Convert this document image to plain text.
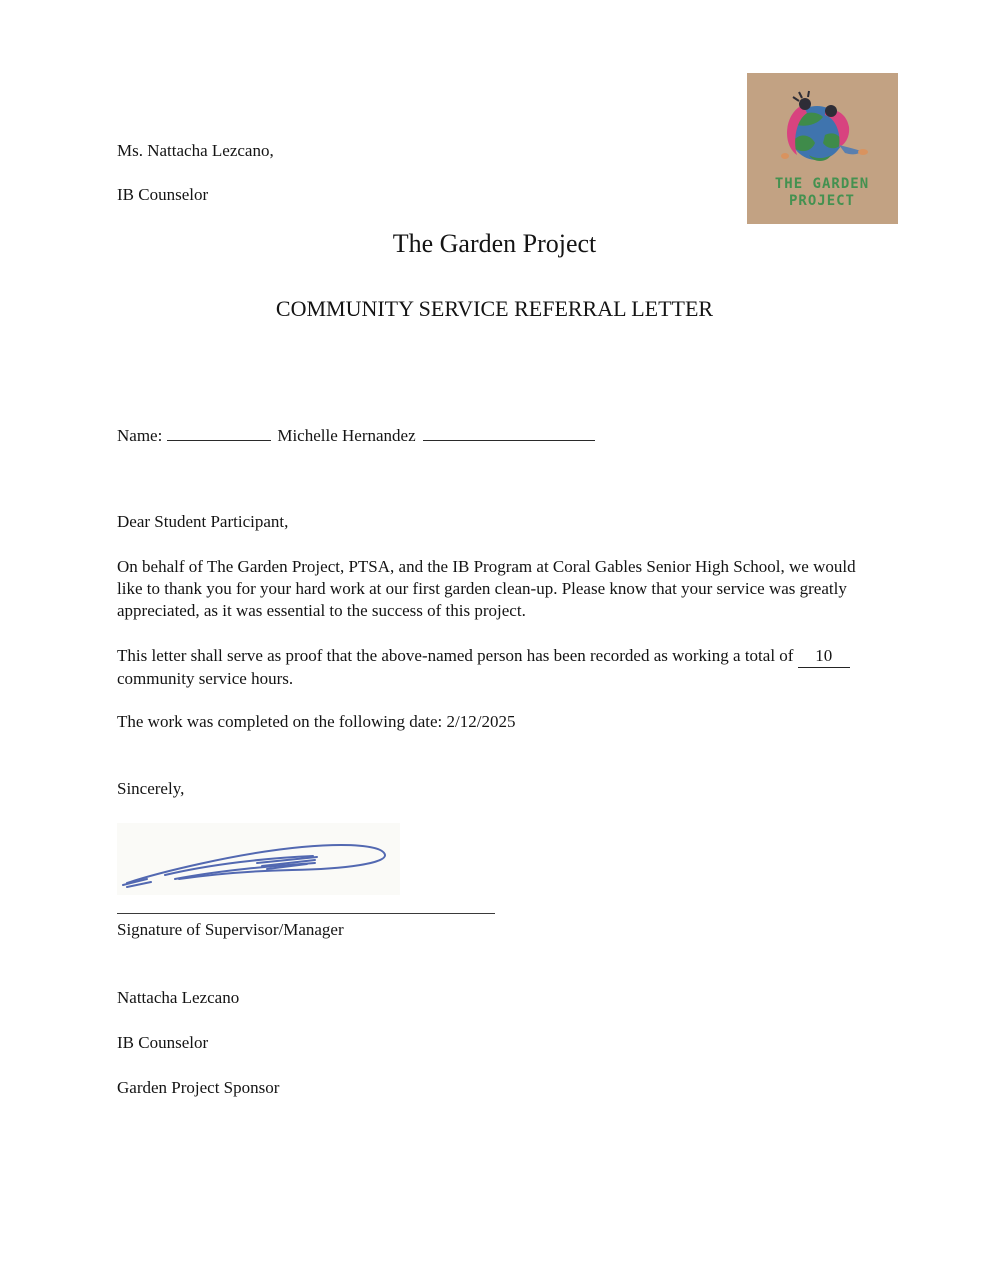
Ms. Nattacha Lezcano,

IB Counselor

THE GARDEN
PROJECT
The Garden Project
COMMUNITY SERVICE REFERRAL LETTER
Name:	Michelle Hernandez
Dear Student Participant,
On behalf of The Garden Project, PTSA, and the IB Program at Coral Gables Senior High School, we would like to thank you for your hard work at our first garden clean-up. Please know that your service was greatly appreciated, as it was essential to the success of this project.
This letter shall serve as proof that the above-named person has been recorded as working a total of 10 community service hours.
The work was completed on the following date: 2/12/2025
Sincerely,
Signature of Supervisor/Manager

Nattacha Lezcano

IB Counselor

Garden Project Sponsor
